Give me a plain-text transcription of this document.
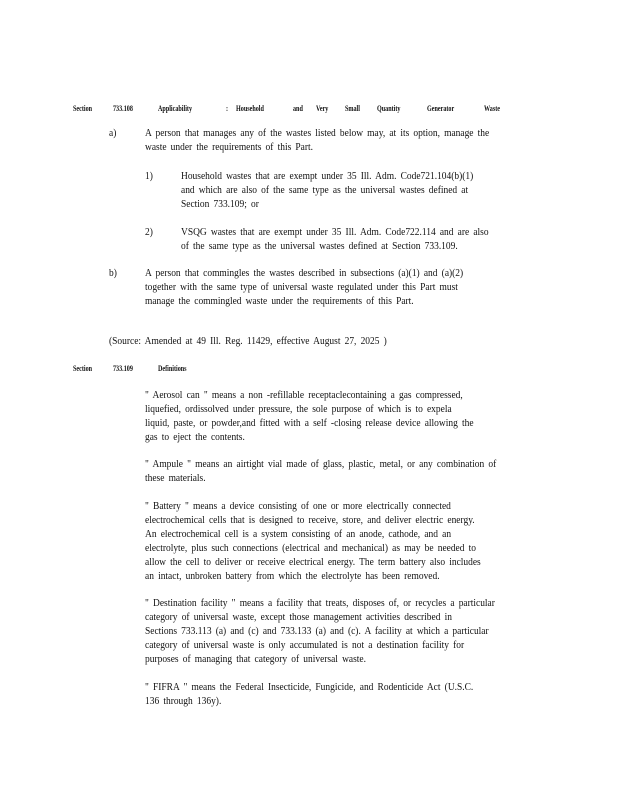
Section 733.108	Applicability	: Household	and Very Small Quantity	Generator	Waste
a)	A person that manages any of the wastes listed below may, at its option, manage the
waste under the requirements of this Part.
1)	Household wastes that are exempt under 35 Ill. Adm. Code721.104(b)(1)
and which are also of the same type as the universal wastes defined at
Section 733.109; or
2)	VSQG wastes that are exempt under 35 Ill. Adm. Code722.114 and are also
of the same type as the universal wastes defined at Section 733.109.
b)	A person that commingles the wastes described in subsections (a)(1) and (a)(2)
together with the same type of universal waste regulated under this Part must
manage the commingled waste under the requirements of this Part.
(Source: Amended at 49 Ill. Reg. 11429, effective August 27, 2025 )
Section 733.109	Definitions
" Aerosol can " means a non -refillable receptaclecontaining a gas compressed,
liquefied, ordissolved under pressure, the sole purpose of which is to expela
liquid, paste, or powder,and fitted with a self -closing release device allowing the
gas to eject the contents.
" Ampule " means an airtight vial made of glass, plastic, metal, or any combination of
these materials.
" Battery " means a device consisting of one or more electrically connected
electrochemical cells that is designed to receive, store, and deliver electric energy.
An electrochemical cell is a system consisting of an anode, cathode, and an
electrolyte, plus such connections (electrical and mechanical) as may be needed to
allow the cell to deliver or receive electrical energy. The term battery also includes
an intact, unbroken battery from which the electrolyte has been removed.
" Destination facility " means a facility that treats, disposes of, or recycles a particular
category of universal waste, except those management activities described in
Sections 733.113 (a) and (c) and 733.133 (a) and (c). A facility at which a particular
category of universal waste is only accumulated is not a destination facility for
purposes of managing that category of universal waste.
" FIFRA " means the Federal Insecticide, Fungicide, and Rodenticide Act (U.S.C.
136 through 136y).
